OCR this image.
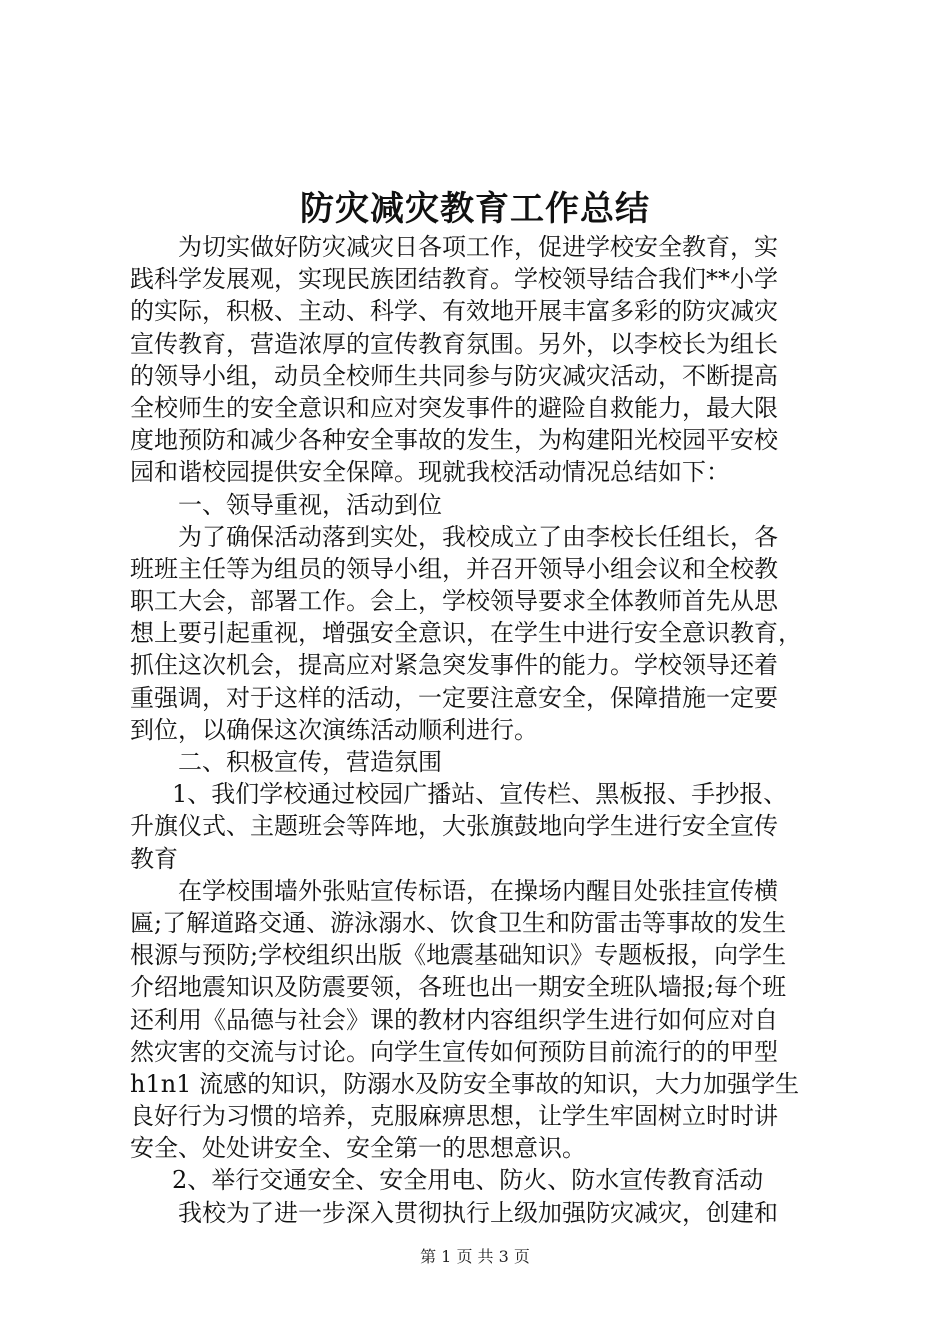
防灾减灾教育工作总结
为切实做好防灾减灾日各项工作，促进学校安全教育，实
践科学发展观，实现民族团结教育。学校领导结合我们**小学
的实际，积极、主动、科学、有效地开展丰富多彩的防灾减灾
宣传教育，营造浓厚的宣传教育氛围。另外，以李校长为组长
的领导小组，动员全校师生共同参与防灾减灾活动，不断提高
全校师生的安全意识和应对突发事件的避险自救能力，最大限
度地预防和减少各种安全事故的发生，为构建阳光校园平安校
园和谐校园提供安全保障。现就我校活动情况总结如下：
一、领导重视，活动到位
为了确保活动落到实处，我校成立了由李校长任组长，各
班班主任等为组员的领导小组，并召开领导小组会议和全校教
职工大会，部署工作。会上，学校领导要求全体教师首先从思
想上要引起重视，增强安全意识，在学生中进行安全意识教育，
抓住这次机会，提高应对紧急突发事件的能力。学校领导还着
重强调，对于这样的活动，一定要注意安全，保障措施一定要
到位，以确保这次演练活动顺利进行。
二、积极宣传，营造氛围
1、我们学校通过校园广播站、宣传栏、黑板报、手抄报、
升旗仪式、主题班会等阵地，大张旗鼓地向学生进行安全宣传
教育
在学校围墙外张贴宣传标语，在操场内醒目处张挂宣传横
匾;了解道路交通、游泳溺水、饮食卫生和防雷击等事故的发生
根源与预防;学校组织出版《地震基础知识》专题板报，向学生
介绍地震知识及防震要领，各班也出一期安全班队墙报;每个班
还利用《品德与社会》课的教材内容组织学生进行如何应对自
然灾害的交流与讨论。向学生宣传如何预防目前流行的的甲型
h1n1 流感的知识，防溺水及防安全事故的知识，大力加强学生
良好行为习惯的培养，克服麻痹思想，让学生牢固树立时时讲
安全、处处讲安全、安全第一的思想意识。
2、举行交通安全、安全用电、防火、防水宣传教育活动
我校为了进一步深入贯彻执行上级加强防灾减灾，创建和
第 1 页 共 3 页
